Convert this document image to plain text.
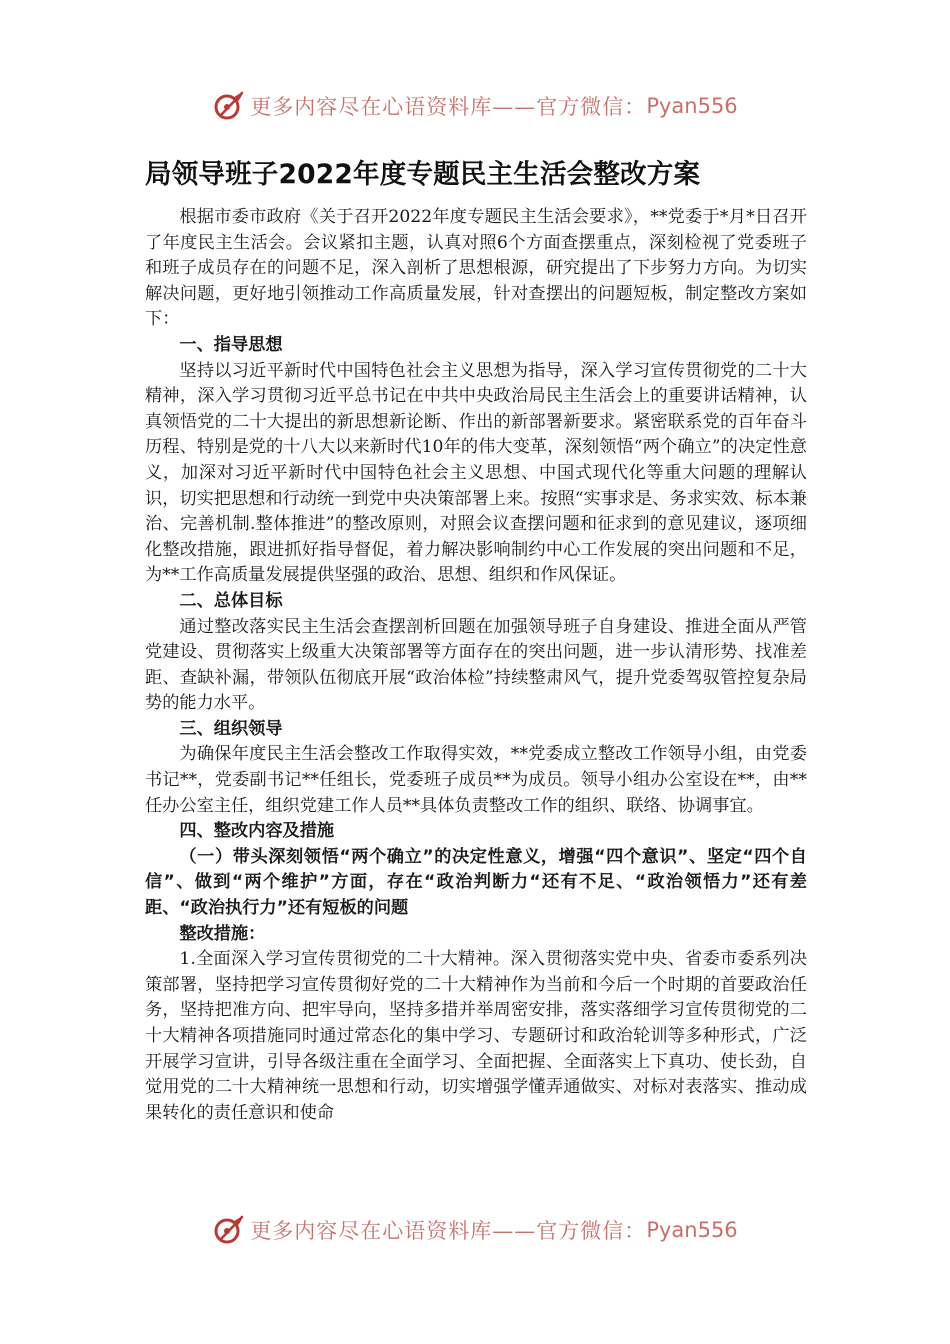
更多内容尽在心语资料库——官方微信： Pyan556
局领导班子2022年度专题民主生活会整改方案

根据市委市政府《关于召开2022年度专题民主生活会要求》，**党委于*月*日召开了年度民主生活会。会议紧扣主题，认真对照6个方面查摆重点，深刻检视了党委班子和班子成员存在的问题不足，深入剖析了思想根源，研究提出了下步努力方向。为切实解决问题，更好地引领推动工作高质量发展，针对查摆出的问题短板，制定整改方案如下：

一、指导思想

坚持以习近平新时代中国特色社会主义思想为指导，深入学习宣传贯彻党的二十大精神，深入学习贯彻习近平总书记在中共中央政治局民主生活会上的重要讲话精神，认真领悟党的二十大提出的新思想新论断、作出的新部署新要求。紧密联系党的百年奋斗历程、特别是党的十八大以来新时代10年的伟大变革，深刻领悟“两个确立”的决定性意义，加深对习近平新时代中国特色社会主义思想、中国式现代化等重大问题的理解认识，切实把思想和行动统一到党中央决策部署上来。按照“实事求是、务求实效、标本兼治、完善机制.整体推进”的整改原则，对照会议查摆问题和征求到的意见建议，逐项细化整改措施，跟进抓好指导督促，着力解决影响制约中心工作发展的突出问题和不足，为**工作高质量发展提供坚强的政治、思想、组织和作风保证。

二、总体目标

通过整改落实民主生活会查摆剖析回题在加强领导班子自身建设、推进全面从严管党建设、贯彻落实上级重大决策部署等方面存在的突出问题，进一步认清形势、找准差距、查缺补漏，带领队伍彻底开展“政治体检”持续整肃风气，提升党委驾驭管控复杂局势的能力水平。

三、组织领导

为确保年度民主生活会整改工作取得实效，**党委成立整改工作领导小组，由党委书记**，党委副书记**任组长，党委班子成员**为成员。领导小组办公室设在**，由**任办公室主任，组织党建工作人员**具体负责整改工作的组织、联络、协调事宜。

四、整改内容及措施

（一）带头深刻领悟“两个确立”的决定性意义，增强“四个意识”、坚定“四个自信”、做到“两个维护”方面，存在“政治判断力“还有不足、“政治领悟力”还有差距、“政治执行力”还有短板的问题

整改措施：

1.全面深入学习宣传贯彻党的二十大精神。深入贯彻落实党中央、省委市委系列决策部署，坚持把学习宣传贯彻好党的二十大精神作为当前和今后一个时期的首要政治任务，坚持把准方向、把牢导向，坚持多措并举周密安排，落实落细学习宣传贯彻党的二十大精神各项措施同时通过常态化的集中学习、专题研讨和政治轮训等多种形式，广泛开展学习宣讲，引导各级注重在全面学习、全面把握、全面落实上下真功、使长劲，自觉用党的二十大精神统一思想和行动，切实增强学懂弄通做实、对标对表落实、推动成果转化的责任意识和使命

更多内容尽在心语资料库——官方微信： Pyan556
